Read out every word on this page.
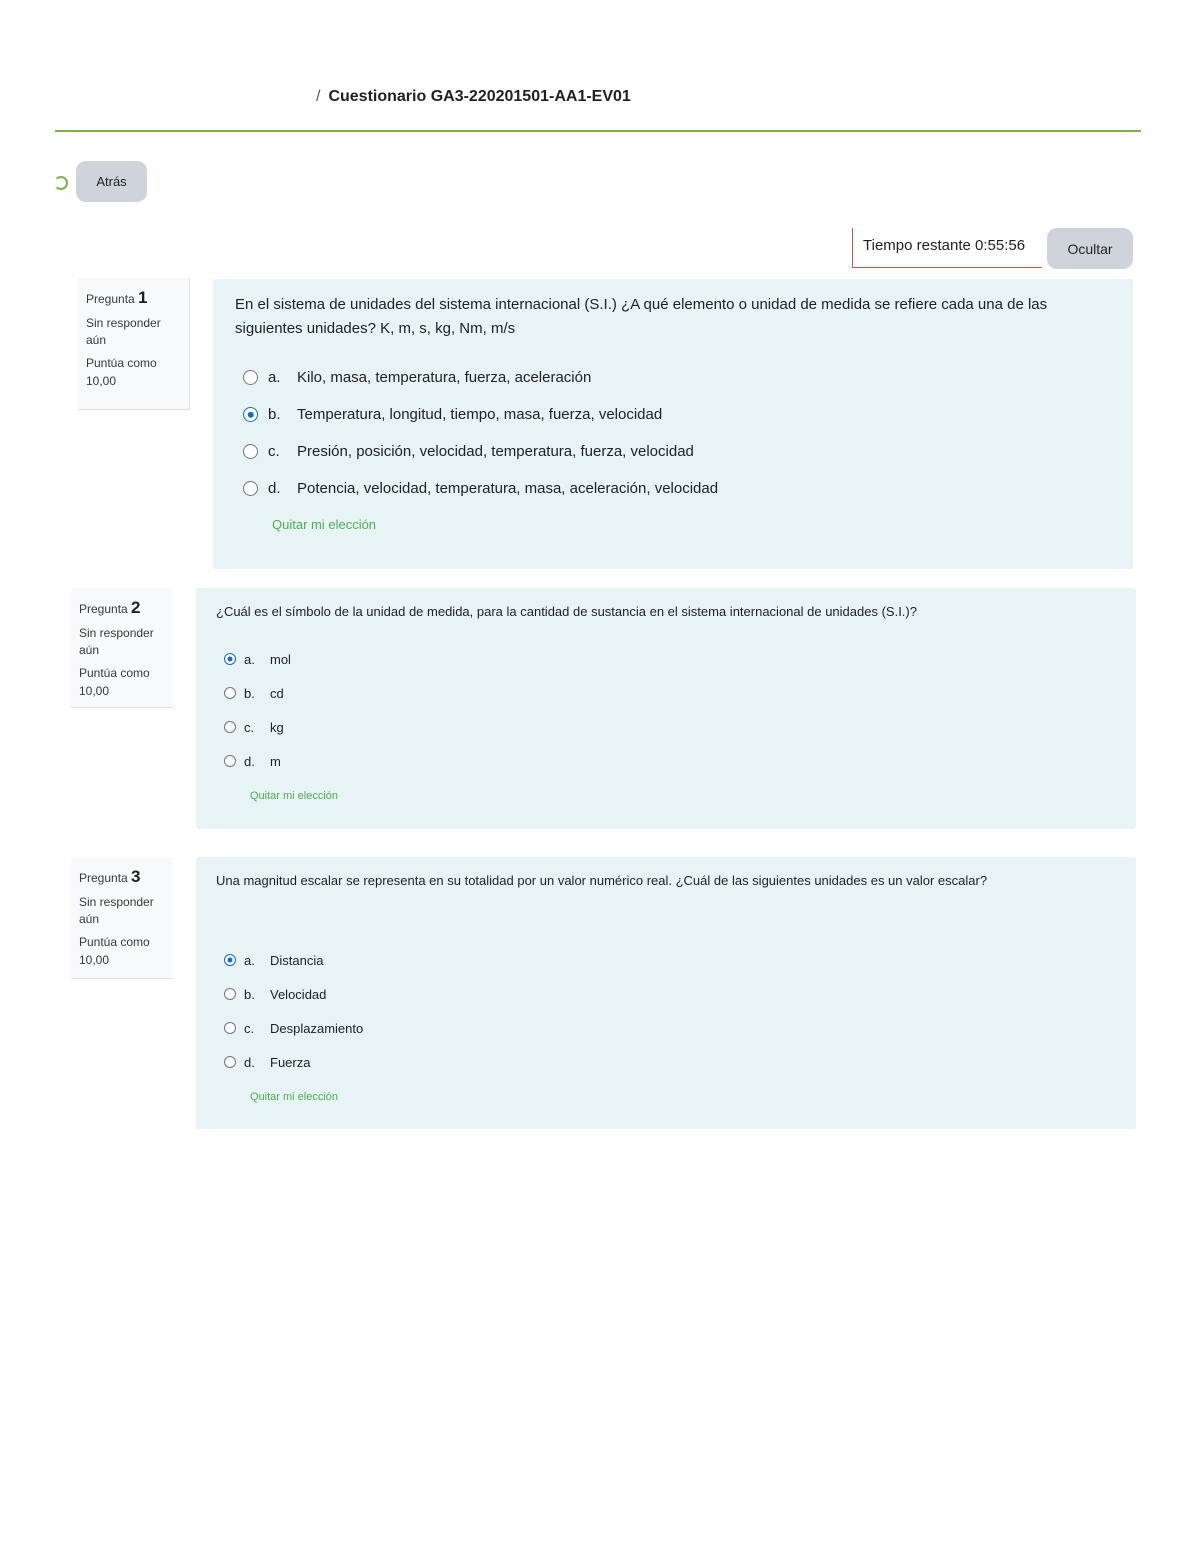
/ Cuestionario GA3-220201501-AA1-EV01
Atrás
Tiempo restante 0:55:56	Ocultar
Pregunta 1
Sin responder aún
Puntúa como 10,00
En el sistema de unidades del sistema internacional (S.I.) ¿A qué elemento o unidad de medida se refiere cada una de las siguientes unidades? K, m, s, kg, Nm, m/s
a.	Kilo, masa, temperatura, fuerza, aceleración
b.	Temperatura, longitud, tiempo, masa, fuerza, velocidad
c.	Presión, posición, velocidad, temperatura, fuerza, velocidad
d.	Potencia, velocidad, temperatura, masa, aceleración, velocidad
Quitar mi elección
Pregunta 2
Sin responder aún
Puntúa como 10,00
¿Cuál es el símbolo de la unidad de medida, para la cantidad de sustancia en el sistema internacional de unidades (S.I.)?
a.	mol
b.	cd
c.	kg
d.	m
Quitar mi elección
Pregunta 3
Sin responder aún
Puntúa como 10,00
Una magnitud escalar se representa en su totalidad por un valor numérico real. ¿Cuál de las siguientes unidades es un valor escalar?
a.	Distancia
b.	Velocidad
c.	Desplazamiento
d.	Fuerza
Quitar mi elección
